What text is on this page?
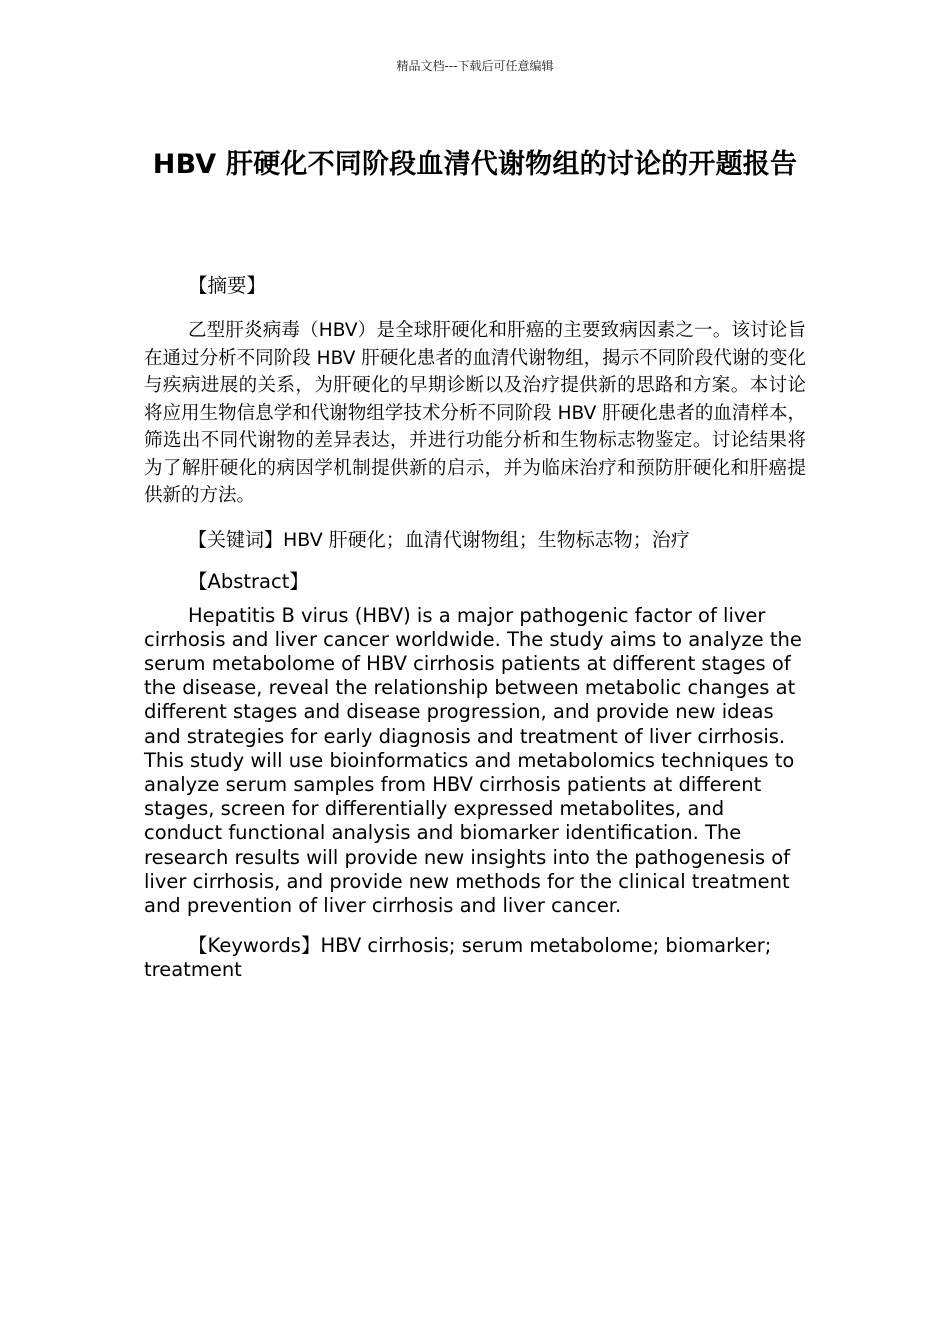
精品文档---下载后可任意编辑
HBV 肝硬化不同阶段血清代谢物组的讨论的开题报告

【摘要】

乙型肝炎病毒（HBV）是全球肝硬化和肝癌的主要致病因素之一。该讨论旨在通过分析不同阶段 HBV 肝硬化患者的血清代谢物组，揭示不同阶段代谢的变化与疾病进展的关系，为肝硬化的早期诊断以及治疗提供新的思路和方案。本讨论将应用生物信息学和代谢物组学技术分析不同阶段 HBV 肝硬化患者的血清样本，筛选出不同代谢物的差异表达，并进行功能分析和生物标志物鉴定。讨论结果将为了解肝硬化的病因学机制提供新的启示，并为临床治疗和预防肝硬化和肝癌提供新的方法。

【关键词】HBV 肝硬化；血清代谢物组；生物标志物；治疗

【Abstract】

Hepatitis B virus (HBV) is a major pathogenic factor of liver cirrhosis and liver cancer worldwide. The study aims to analyze the serum metabolome of HBV cirrhosis patients at different stages of the disease, reveal the relationship between metabolic changes at different stages and disease progression, and provide new ideas and strategies for early diagnosis and treatment of liver cirrhosis. This study will use bioinformatics and metabolomics techniques to analyze serum samples from HBV cirrhosis patients at different stages, screen for differentially expressed metabolites, and conduct functional analysis and biomarker identification. The research results will provide new insights into the pathogenesis of liver cirrhosis, and provide new methods for the clinical treatment and prevention of liver cirrhosis and liver cancer.

【Keywords】HBV cirrhosis; serum metabolome; biomarker; treatment
